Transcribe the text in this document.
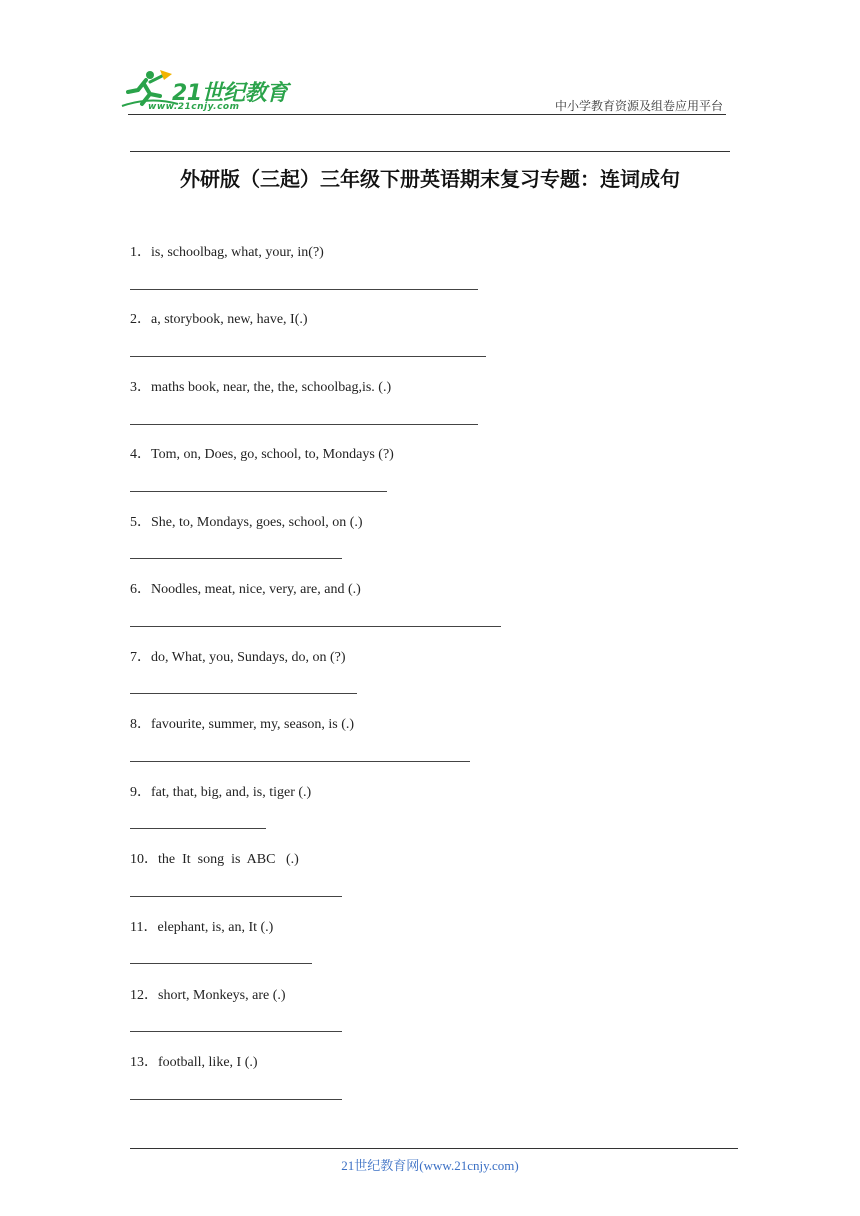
21世纪教育
www.21cnjy.com	中小学教育资源及组卷应用平台
外研版（三起）三年级下册英语期末复习专题：连词成句
1．is, schoolbag, what, your, in(?)
2．a, storybook, new, have, I(.)
3．maths book, near, the, the, schoolbag,is. (.)
4．Tom, on, Does, go, school, to, Mondays (?)
5．She, to, Mondays, goes, school, on (.)
6．Noodles, meat, nice, very, are, and (.)
7．do, What, you, Sundays, do, on (?)
8．favourite, summer, my, season, is (.)
9．fat, that, big, and, is, tiger (.)
10．the  It  song  is  ABC   (.)
11．elephant, is, an, It (.)
12．short, Monkeys, are (.)
13．football, like, I (.)
21世纪教育网(www.21cnjy.com)
